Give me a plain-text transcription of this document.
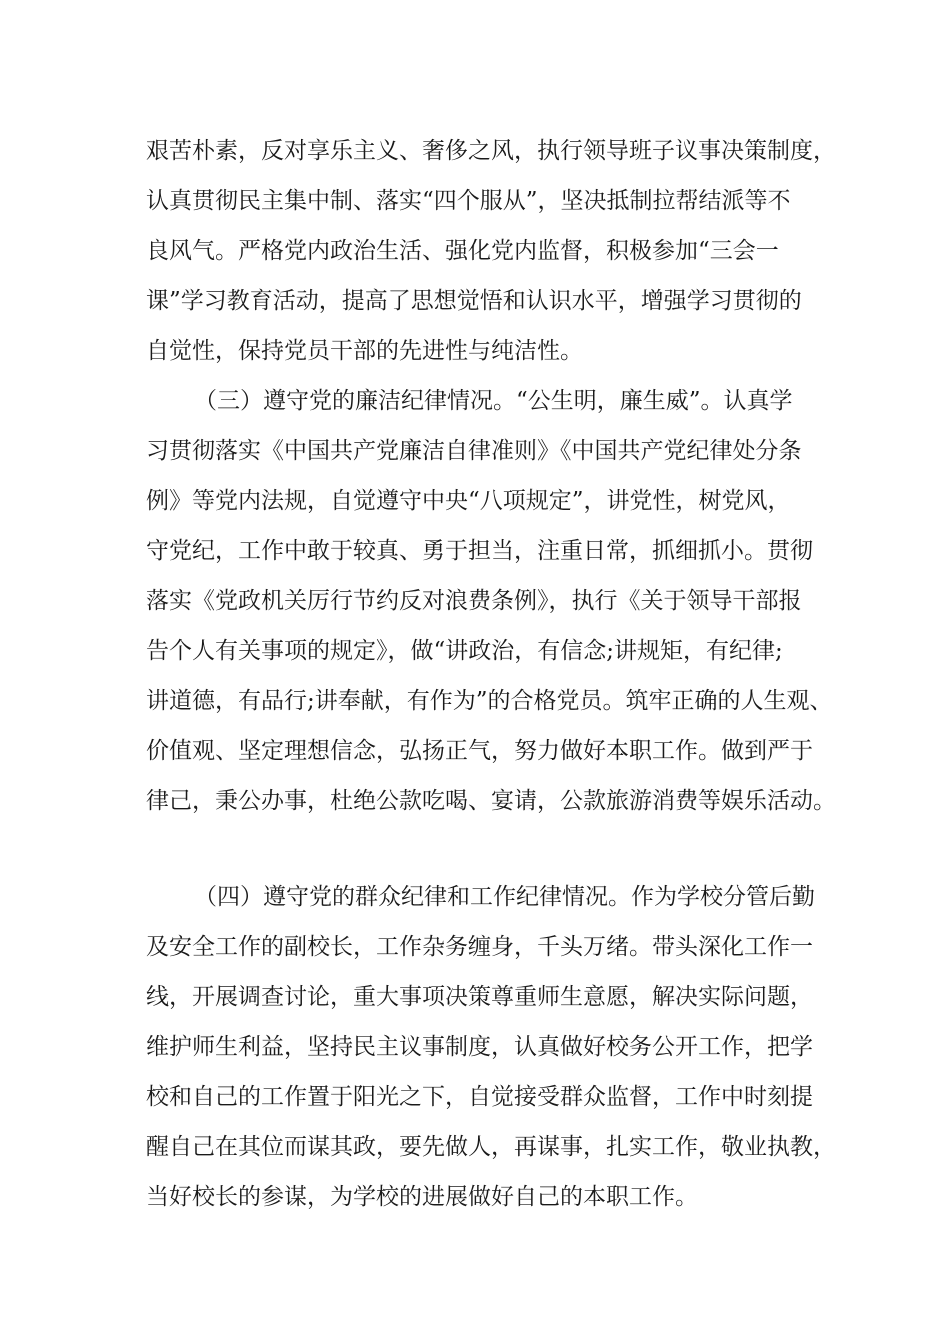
艰苦朴素，反对享乐主义、奢侈之风，执行领导班子议事决策制度，
认真贯彻民主集中制、落实“四个服从”，坚决抵制拉帮结派等不
良风气。严格党内政治生活、强化党内监督，积极参加“三会一
课”学习教育活动，提高了思想觉悟和认识水平，增强学习贯彻的
自觉性，保持党员干部的先进性与纯洁性。
（三）遵守党的廉洁纪律情况。“公生明，廉生威”。认真学
习贯彻落实《中国共产党廉洁自律准则》《中国共产党纪律处分条
例》等党内法规，自觉遵守中央“八项规定”，讲党性，树党风，
守党纪，工作中敢于较真、勇于担当，注重日常，抓细抓小。贯彻
落实《党政机关厉行节约反对浪费条例》，执行《关于领导干部报
告个人有关事项的规定》，做“讲政治，有信念;讲规矩，有纪律;
讲道德，有品行;讲奉献，有作为”的合格党员。筑牢正确的人生观、
价值观、坚定理想信念，弘扬正气，努力做好本职工作。做到严于
律己，秉公办事，杜绝公款吃喝、宴请，公款旅游消费等娱乐活动。
（四）遵守党的群众纪律和工作纪律情况。作为学校分管后勤
及安全工作的副校长，工作杂务缠身，千头万绪。带头深化工作一
线，开展调查讨论，重大事项决策尊重师生意愿，解决实际问题，
维护师生利益，坚持民主议事制度，认真做好校务公开工作，把学
校和自己的工作置于阳光之下，自觉接受群众监督，工作中时刻提
醒自己在其位而谋其政，要先做人，再谋事，扎实工作，敬业执教，
当好校长的参谋，为学校的进展做好自己的本职工作。
